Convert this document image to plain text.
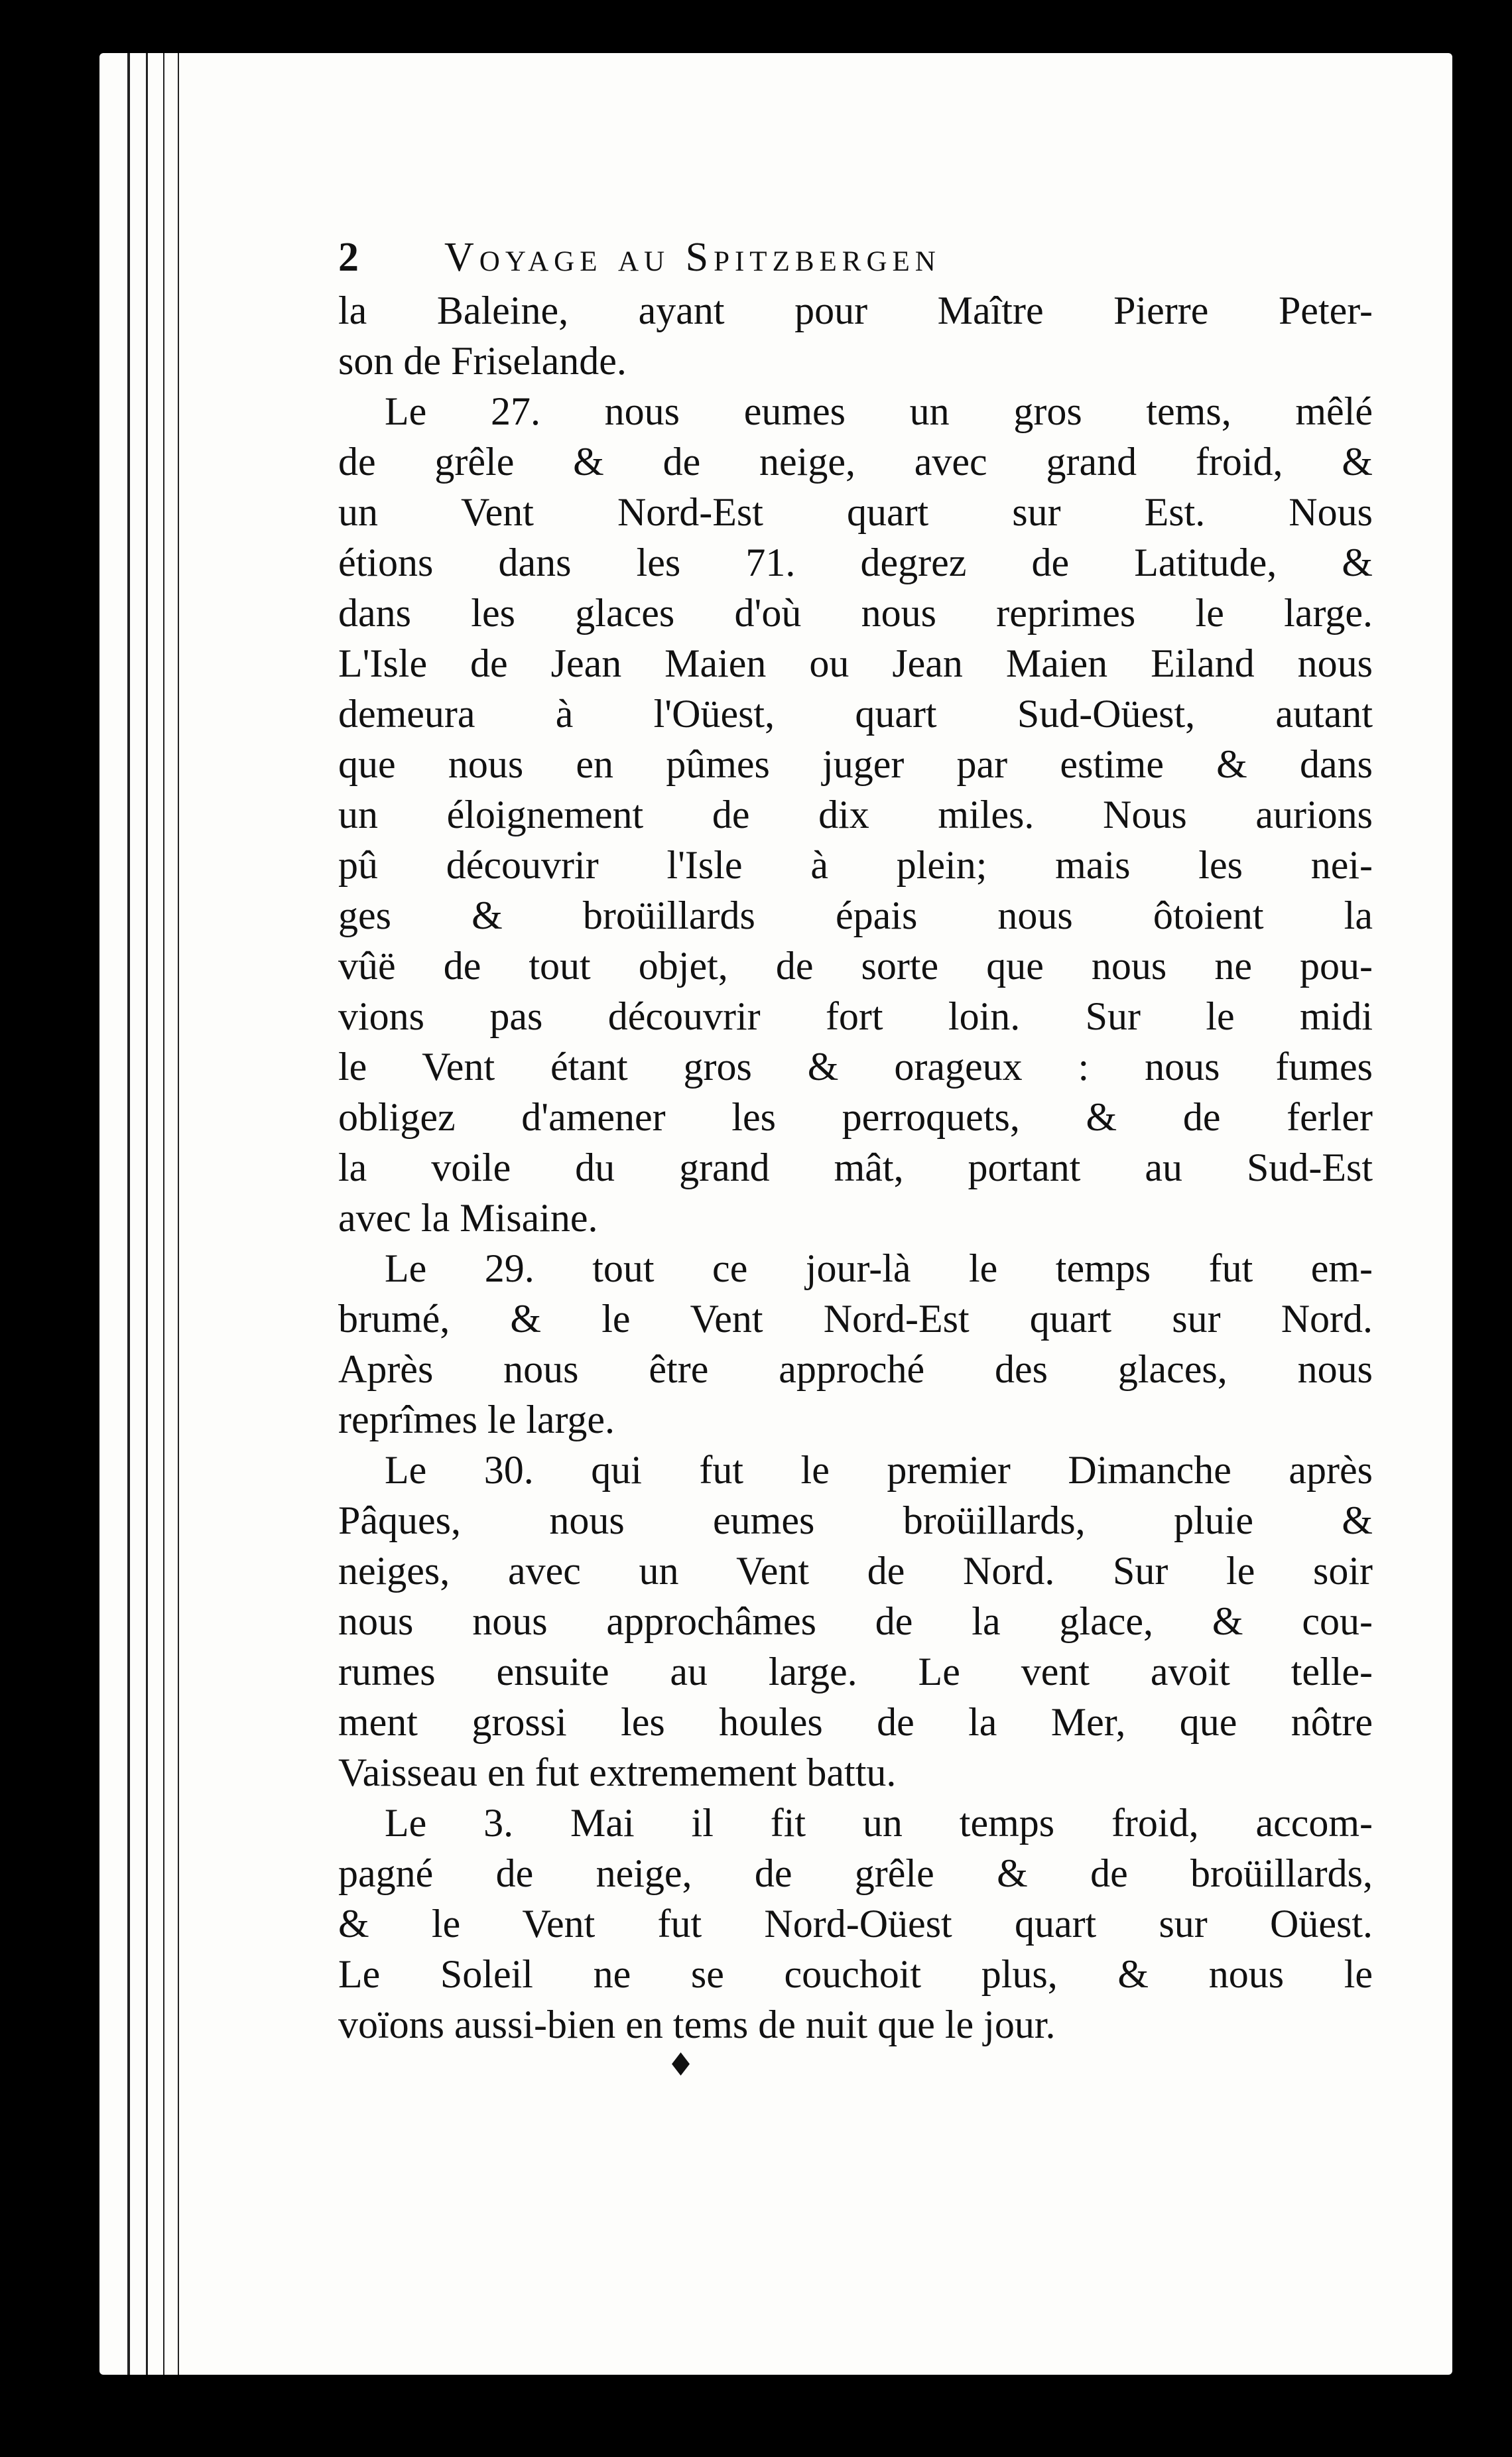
2	Voyage au Spitzbergen
la Baleine, ayant pour Maître Pierre Peter-
son de Friselande.
Le 27. nous eumes un gros tems, mêlé
de grêle & de neige, avec grand froid, &
un Vent Nord-Est quart sur Est. Nous
étions dans les 71. degrez de Latitude, &
dans les glaces d'où nous reprimes le large.
L'Isle de Jean Maien ou Jean Maien Eiland nous
demeura à l'Oüest, quart Sud-Oüest, autant
que nous en pûmes juger par estime & dans
un éloignement de dix miles. Nous aurions
pû découvrir l'Isle à plein; mais les nei-
ges & broüillards épais nous ôtoient la
vûë de tout objet, de sorte que nous ne pou-
vions pas découvrir fort loin. Sur le midi
le Vent étant gros & orageux : nous fumes
obligez d'amener les perroquets, & de ferler
la voile du grand mât, portant au Sud-Est
avec la Misaine.
Le 29. tout ce jour-là le temps fut em-
brumé, & le Vent Nord-Est quart sur Nord.
Après nous être approché des glaces, nous
reprîmes le large.
Le 30. qui fut le premier Dimanche après
Pâques, nous eumes broüillards, pluie &
neiges, avec un Vent de Nord. Sur le soir
nous nous approchâmes de la glace, & cou-
rumes ensuite au large. Le vent avoit telle-
ment grossi les houles de la Mer, que nôtre
Vaisseau en fut extremement battu.
Le 3. Mai il fit un temps froid, accom-
pagné de neige, de grêle & de broüillards,
& le Vent fut Nord-Oüest quart sur Oüest.
Le Soleil ne se couchoit plus, & nous le
voïons aussi-bien en tems de nuit que le jour.
♦
